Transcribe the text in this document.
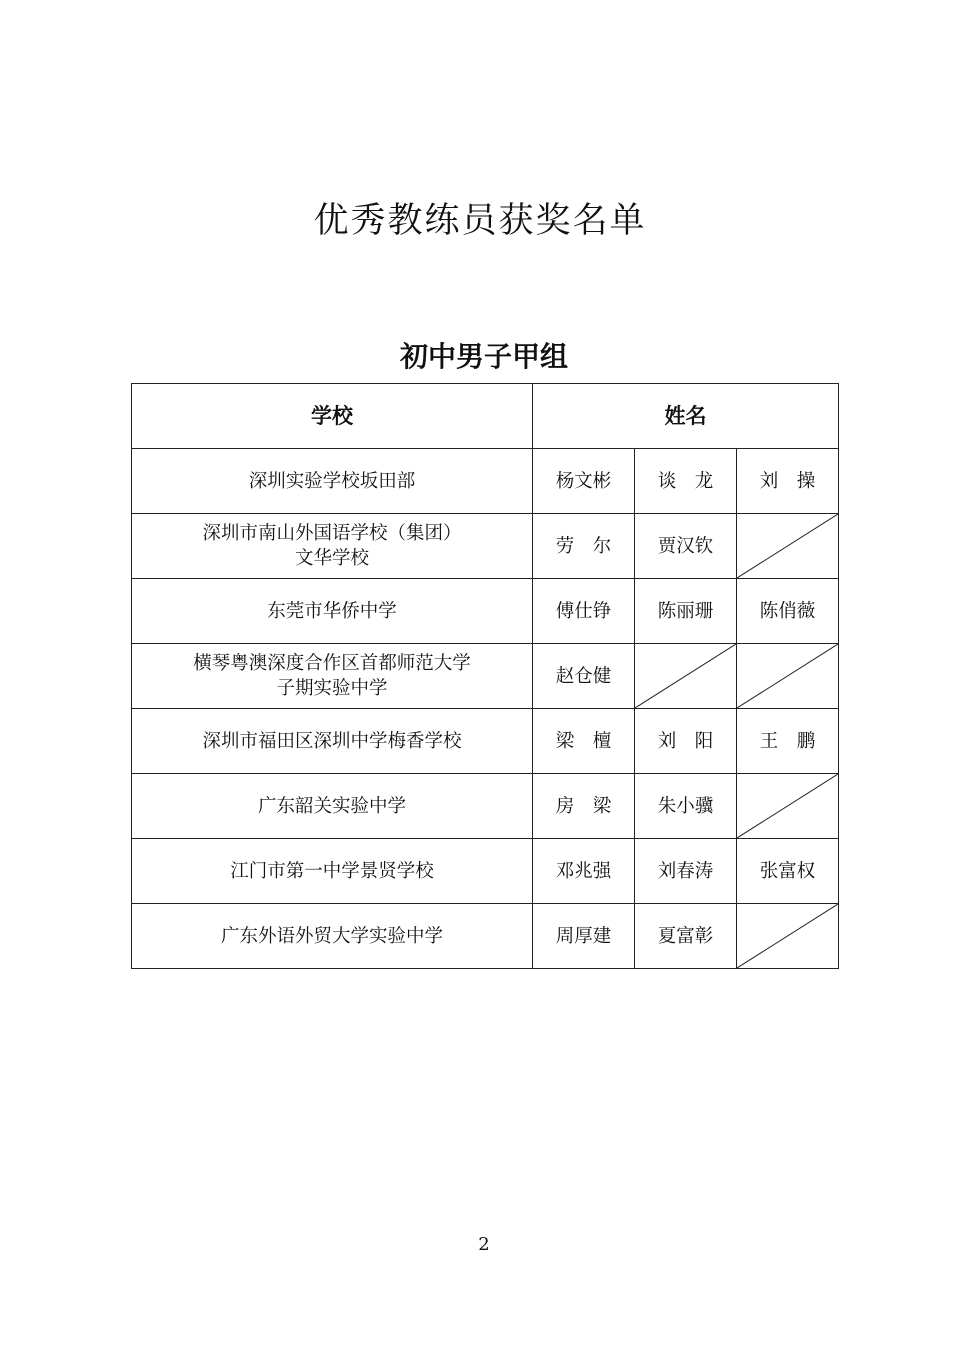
优秀教练员获奖名单
初中男子甲组
学校	姓名		

深圳实验学校坂田部	杨文彬	谈　龙	刘　操

深圳市南山外国语学校（集团）
文华学校	劳　尔	贾汉钦	

东莞市华侨中学	傅仕铮	陈丽珊	陈俏薇

横琴粤澳深度合作区首都师范大学
子期实验中学	赵仓健	

深圳市福田区深圳中学梅香学校	梁　檀	刘　阳	王　鹏

广东韶关实验中学	房　梁	朱小骥	

江门市第一中学景贤学校	邓兆强	刘春涛	张富权

广东外语外贸大学实验中学	周厚建	夏富彰	
2
